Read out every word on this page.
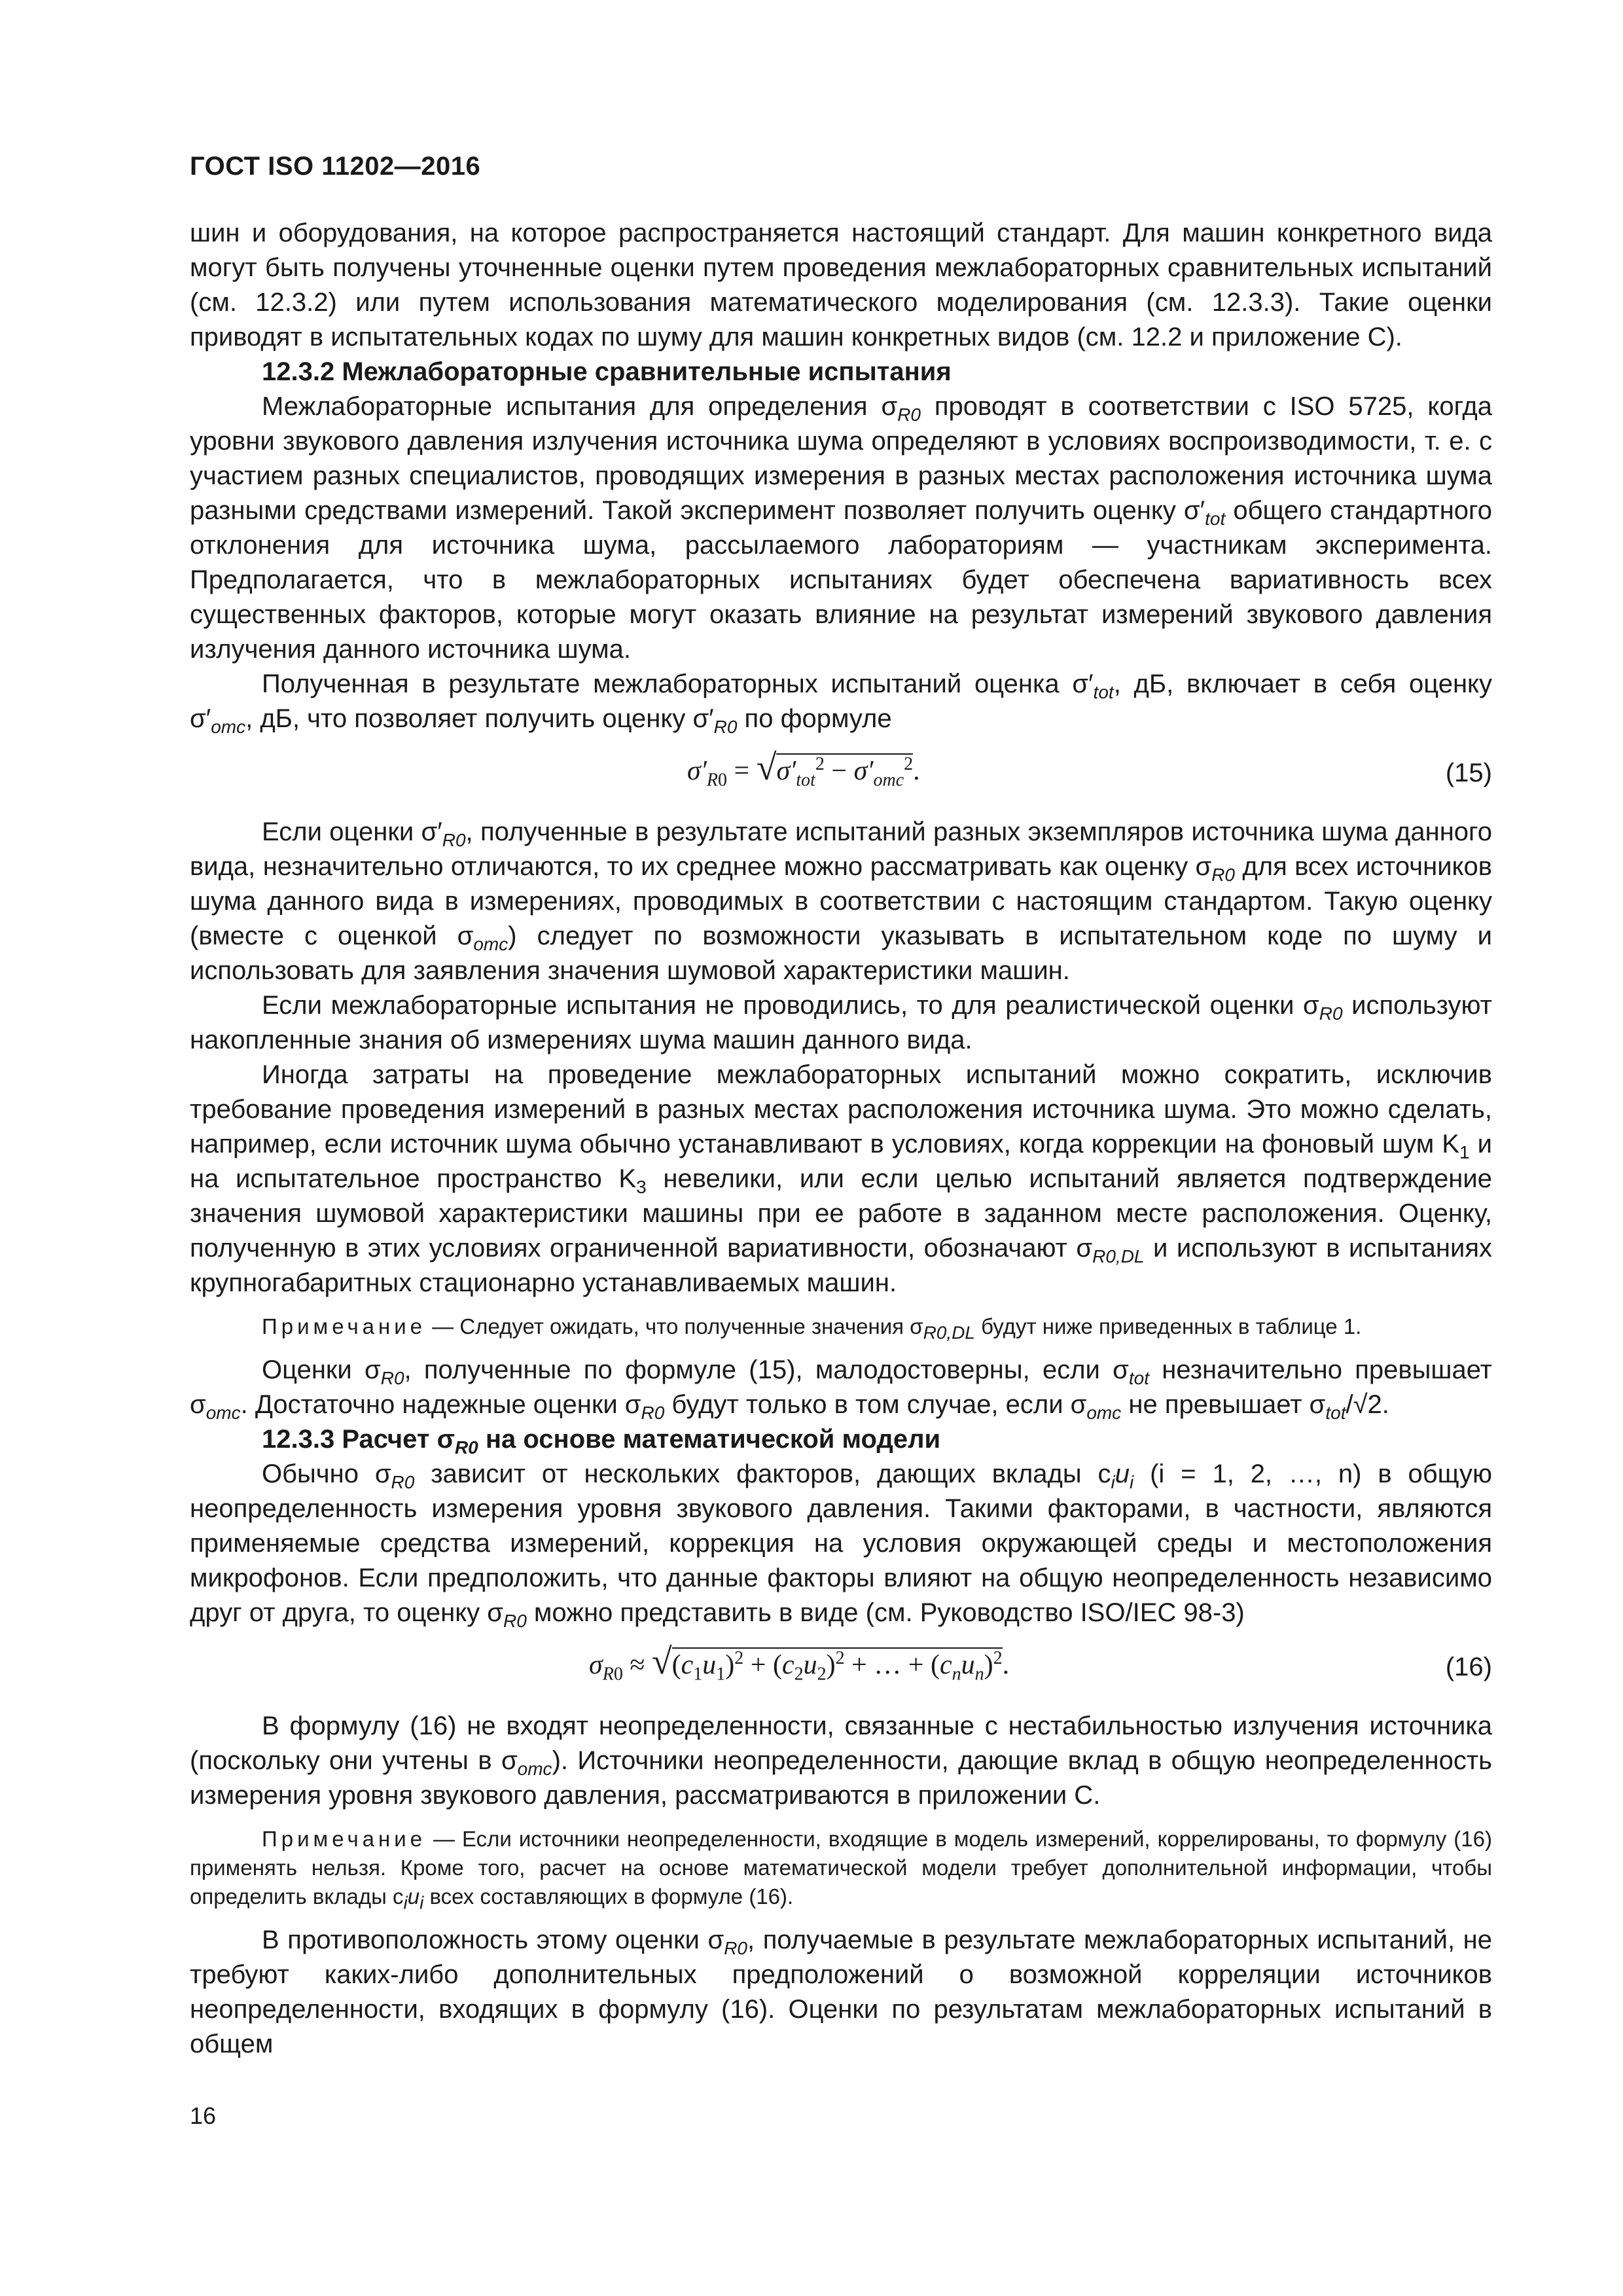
ГОСТ ISO 11202—2016

шин и оборудования, на которое распространяется настоящий стандарт. Для машин конкретного вида могут быть получены уточненные оценки путем проведения межлабораторных сравнительных испытаний (см. 12.3.2) или путем использования математического моделирования (см. 12.3.3). Такие оценки приводят в испытательных кодах по шуму для машин конкретных видов (см. 12.2 и приложение С).

12.3.2 Межлабораторные сравнительные испытания

Межлабораторные испытания для определения $\sigma_{R0}$ проводят в соответствии с ISO 5725, когда уровни звукового давления излучения источника шума определяют в условиях воспроизводимости, т. е. с участием разных специалистов, проводящих измерения в разных местах расположения источника шума разными средствами измерений. Такой эксперимент позволяет получить оценку $\sigma'_{tot}$ общего стандартного отклонения для источника шума, рассылаемого лабораториям — участникам эксперимента. Предполагается, что в межлабораторных испытаниях будет обеспечена вариативность всех существенных факторов, которые могут оказать влияние на результат измерений звукового давления излучения данного источника шума.

Полученная в результате межлабораторных испытаний оценка $\sigma'_{tot}$, дБ, включает в себя оценку $\sigma'_{omc}$, дБ, что позволяет получить оценку $\sigma'_{R0}$ по формуле

$\sigma'_{R0} = √\sigma'_{tot}^2 - \sigma'_{omc}^2$.	(15)

Если оценки $\sigma'_{R0}$, полученные в результате испытаний разных экземпляров источника шума данного вида, незначительно отличаются, то их среднее можно рассматривать как оценку $\sigma_{R0}$ для всех источников шума данного вида в измерениях, проводимых в соответствии с настоящим стандартом. Такую оценку (вместе с оценкой $\sigma_{omc}$) следует по возможности указывать в испытательном коде по шуму и использовать для заявления значения шумовой характеристики машин.

Если межлабораторные испытания не проводились, то для реалистической оценки $\sigma_{R0}$ используют накопленные знания об измерениях шума машин данного вида.

Иногда затраты на проведение межлабораторных испытаний можно сократить, исключив требование проведения измерений в разных местах расположения источника шума. Это можно сделать, например, если источник шума обычно устанавливают в условиях, когда коррекции на фоновый шум $K_1$ и на испытательное пространство $K_3$ невелики, или если целью испытаний является подтверждение значения шумовой характеристики машины при ее работе в заданном месте расположения. Оценку, полученную в этих условиях ограниченной вариативности, обозначают $\sigma_{R0,DL}$ и используют в испытаниях крупногабаритных стационарно устанавливаемых машин.

Примечание — Следует ожидать, что полученные значения $\sigma_{R0,DL}$ будут ниже приведенных в таблице 1.

Оценки $\sigma_{R0}$, полученные по формуле (15), малодостоверны, если $\sigma_{tot}$ незначительно превышает $\sigma_{omc}$. Достаточно надежные оценки $\sigma_{R0}$ будут только в том случае, если $\sigma_{omc}$ не превышает $\sigma_{tot}/√2$.

12.3.3 Расчет $\sigma_{R0}$ на основе математической модели

Обычно $\sigma_{R0}$ зависит от нескольких факторов, дающих вклады $c_iu_i$ (i = 1, 2, …, n) в общую неопределенность измерения уровня звукового давления. Такими факторами, в частности, являются применяемые средства измерений, коррекция на условия окружающей среды и местоположения микрофонов. Если предположить, что данные факторы влияют на общую неопределенность независимо друг от друга, то оценку $\sigma_{R0}$ можно представить в виде (см. Руководство ISO/IEC 98-3)

$\sigma_{R0} \approx √(c_1u_1)^2 + (c_2u_2)^2$ + … + $(c_nu_n)^2$.	(16)

В формулу (16) не входят неопределенности, связанные с нестабильностью излучения источника (поскольку они учтены в $\sigma_{omc}$). Источники неопределенности, дающие вклад в общую неопределенность измерения уровня звукового давления, рассматриваются в приложении С.

Примечание — Если источники неопределенности, входящие в модель измерений, коррелированы, то формулу (16) применять нельзя. Кроме того, расчет на основе математической модели требует дополнительной информации, чтобы определить вклады $c_iu_i$ всех составляющих в формуле (16).

В противоположность этому оценки $\sigma_{R0}$, получаемые в результате межлабораторных испытаний, не требуют каких-либо дополнительных предположений о возможной корреляции источников неопределенности, входящих в формулу (16). Оценки по результатам межлабораторных испытаний в общем

16
